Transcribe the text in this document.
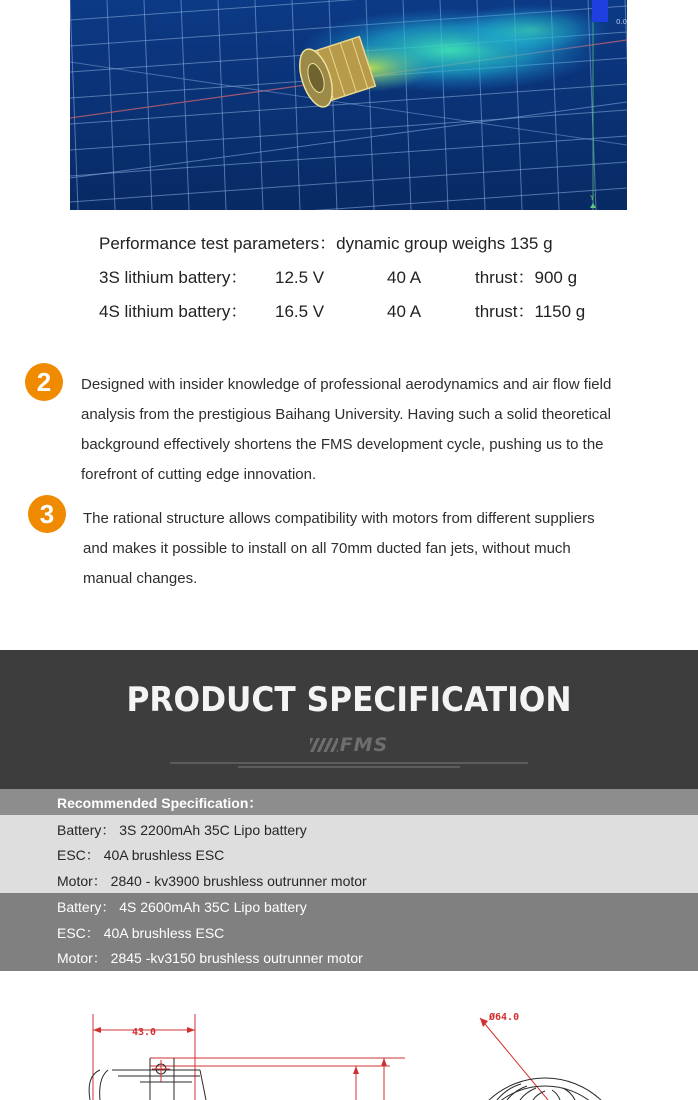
0.0
Y
Performance test parameters：dynamic group weighs 135 g
3S lithium battery： 12.5 V	40 A	thrust：900 g
4S lithium battery： 16.5 V	40 A	thrust：1150 g
2	Designed with insider knowledge of professional aerodynamics and air flow field
analysis from the prestigious Baihang University. Having such a solid theoretical
background effectively shortens the FMS development cycle, pushing us to the
forefront of cutting edge innovation.
3	The rational structure allows compatibility with motors from different suppliers
and makes it possible to install on all 70mm ducted fan jets, without much
manual changes.
PRODUCT SPECIFICATION
FMS
Recommended Specification：
Battery： 3S 2200mAh 35C Lipo battery
ESC： 40A brushless ESC
Motor： 2840 - kv3900 brushless outrunner motor
Battery： 4S 2600mAh 35C Lipo battery
ESC： 40A brushless ESC
Motor： 2845 -kv3150 brushless outrunner motor
43.0
Ø64.0
